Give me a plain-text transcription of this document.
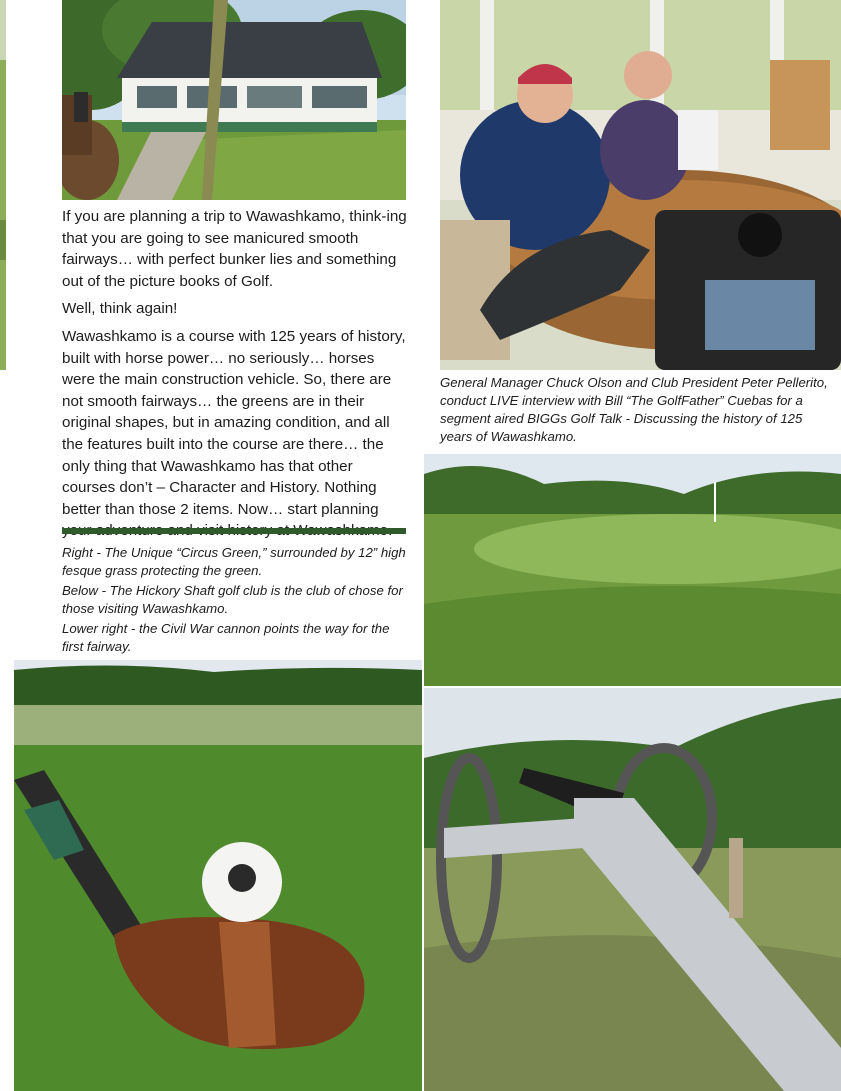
If you are planning a trip to Wawashkamo, think-ing that you are going to see manicured smooth fairways… with perfect bunker lies and something out of the picture books of Golf.

Well, think again!

Wawashkamo is a course with 125 years of history, built with horse power… no seriously… horses were the main construction vehicle. So, there are not smooth fairways… the greens are in their original shapes, but in amazing condition, and all the features built into the course are there… the only thing that Wawashkamo has that other courses don’t – Character and History. Nothing better than those 2 items. Now… start planning

Right - The Unique “Circus Green,” surrounded by 12” high fesque grass protecting the green.

Below - The Hickory Shaft golf club is the club of chose for those visiting Wawashkamo.

Lower right - the Civil War cannon points the way for the first fairway.

General Manager Chuck Olson and Club President Peter Pellerito, conduct LIVE interview with Bill “The GolfFather” Cuebas for a segment aired BIGGs Golf Talk - Discussing the history of 125 years of Wawashkamo.
